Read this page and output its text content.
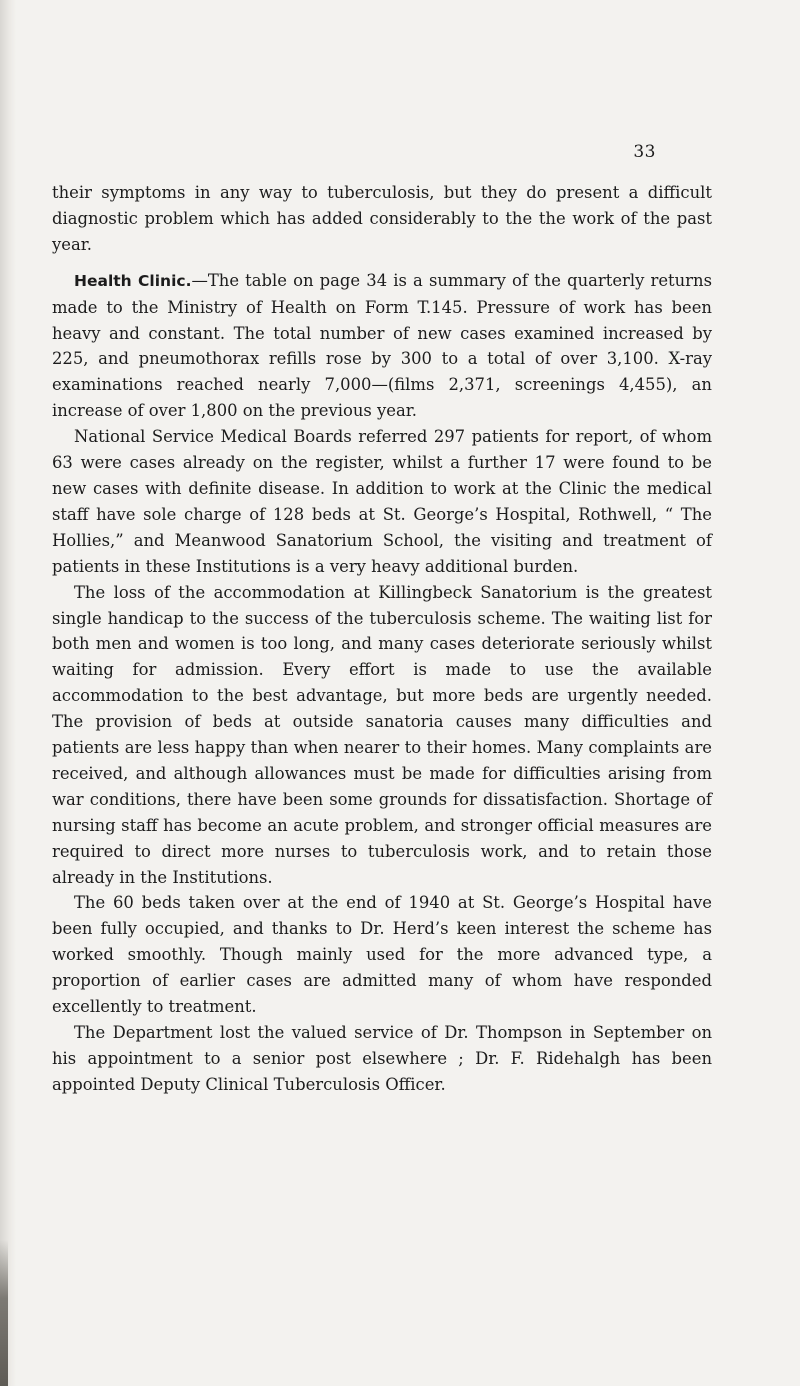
33

their symptoms in any way to tuberculosis, but they do present a difficult diagnostic problem which has added considerably to the the work of the past year.

Health Clinic.—The table on page 34 is a summary of the quarterly returns made to the Ministry of Health on Form T.145. Pressure of work has been heavy and constant. The total number of new cases examined increased by 225, and pneumothorax refills rose by 300 to a total of over 3,100. X-ray examinations reached nearly 7,000—(films 2,371, screenings 4,455), an increase of over 1,800 on the previous year.

National Service Medical Boards referred 297 patients for report, of whom 63 were cases already on the register, whilst a further 17 were found to be new cases with definite disease. In addition to work at the Clinic the medical staff have sole charge of 128 beds at St. George’s Hospital, Rothwell, “ The Hollies,” and Meanwood Sanatorium School, the visiting and treatment of patients in these Institutions is a very heavy additional burden.

The loss of the accommodation at Killingbeck Sanatorium is the greatest single handicap to the success of the tuberculosis scheme. The waiting list for both men and women is too long, and many cases deteriorate seriously whilst waiting for admission. Every effort is made to use the available accommodation to the best advantage, but more beds are urgently needed. The provision of beds at outside sanatoria causes many difficulties and patients are less happy than when nearer to their homes. Many complaints are received, and although allowances must be made for difficulties arising from war conditions, there have been some grounds for dissatisfaction. Shortage of nursing staff has become an acute problem, and stronger official measures are required to direct more nurses to tuberculosis work, and to retain those already in the Institutions.

The 60 beds taken over at the end of 1940 at St. George’s Hospital have been fully occupied, and thanks to Dr. Herd’s keen interest the scheme has worked smoothly. Though mainly used for the more advanced type, a proportion of earlier cases are admitted many of whom have responded excellently to treatment.

The Department lost the valued service of Dr. Thompson in September on his appointment to a senior post elsewhere ; Dr. F. Ridehalgh has been appointed Deputy Clinical Tuberculosis Officer.
